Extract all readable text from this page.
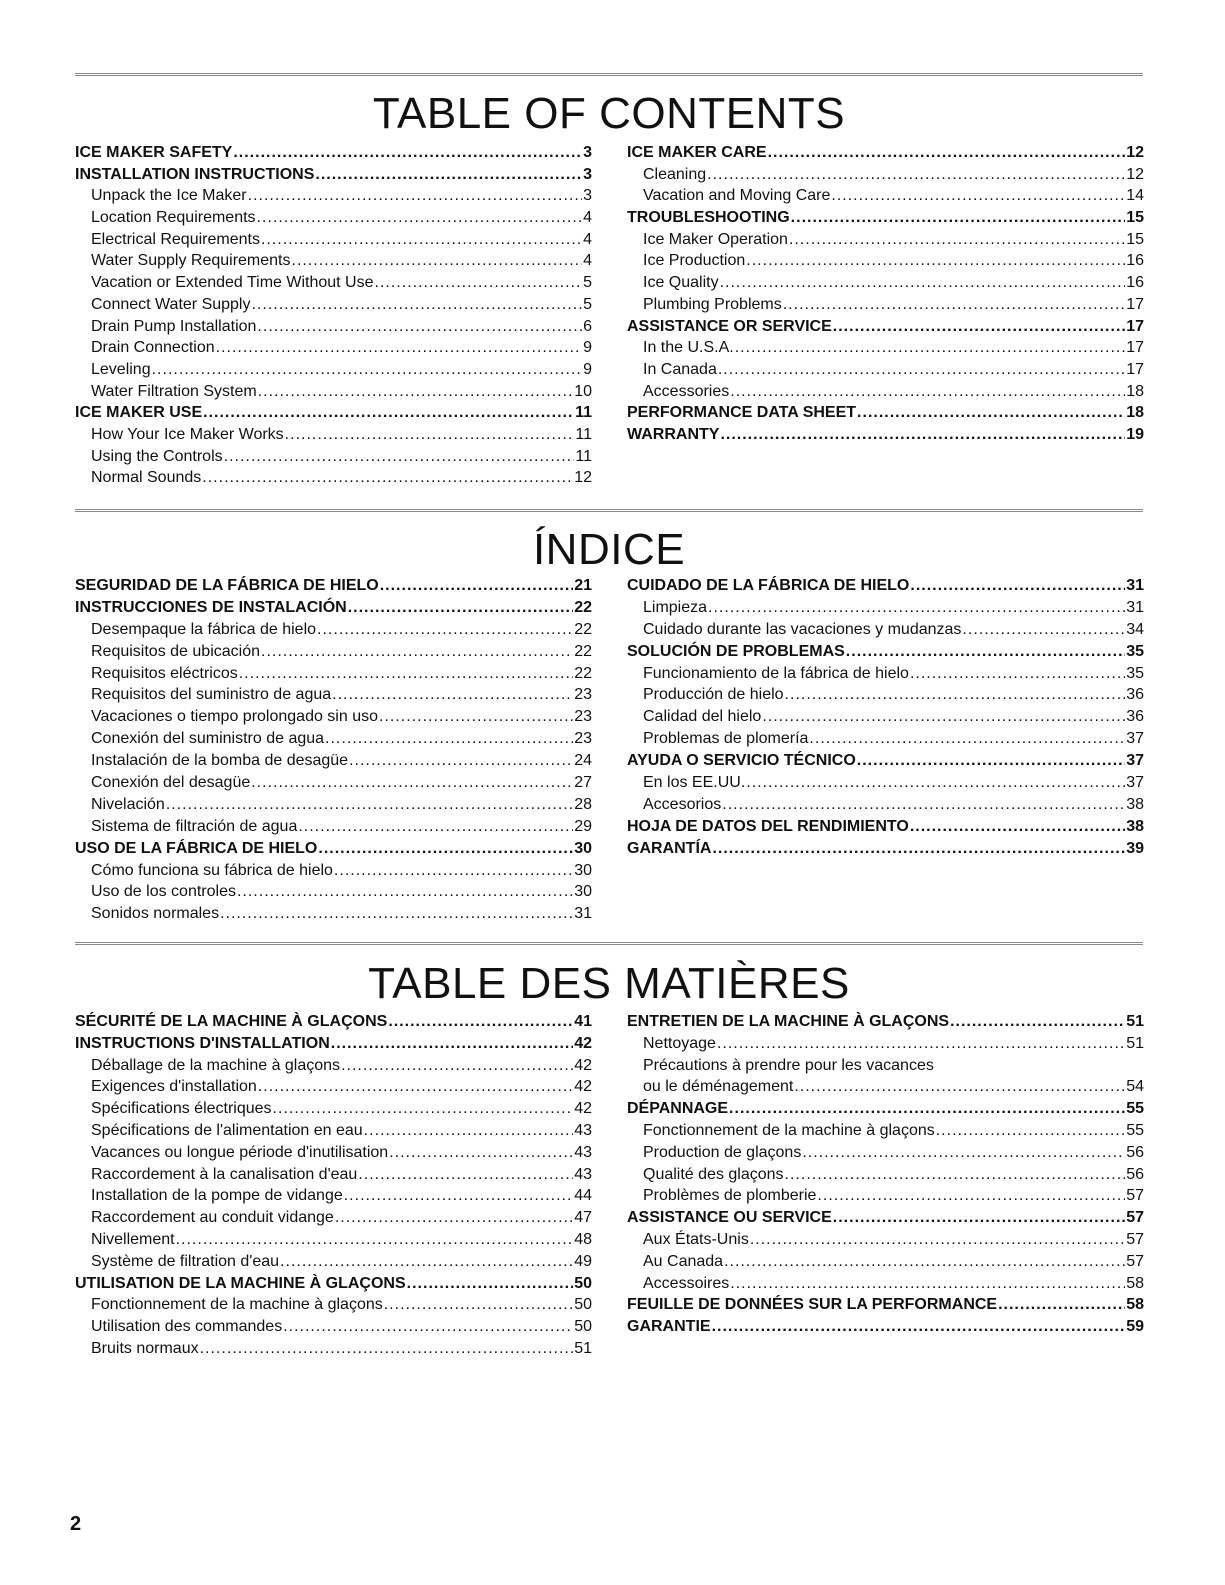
TABLE OF CONTENTS
ICE MAKER SAFETY .....	3
INSTALLATION INSTRUCTIONS .....	3
Unpack the Ice Maker .....	3
Location Requirements .....	4
Electrical Requirements .....	4
Water Supply Requirements .....	4
Vacation or Extended Time Without Use .....	5
Connect Water Supply .....	5
Drain Pump Installation .....	6
Drain Connection .....	9
Leveling .....	9
Water Filtration System .....	10
ICE MAKER USE .....	11
How Your Ice Maker Works .....	11
Using the Controls .....	11
Normal Sounds .....	12
ICE MAKER CARE .....	12
Cleaning .....	12
Vacation and Moving Care .....	14
TROUBLESHOOTING .....	15
Ice Maker Operation .....	15
Ice Production .....	16
Ice Quality .....	16
Plumbing Problems .....	17
ASSISTANCE OR SERVICE .....	17
In the U.S.A. .....	17
In Canada .....	17
Accessories .....	18
PERFORMANCE DATA SHEET .....	18
WARRANTY .....	19
ÍNDICE
SEGURIDAD DE LA FÁBRICA DE HIELO .....	21
INSTRUCCIONES DE INSTALACIÓN .....	22
Desempaque la fábrica de hielo .....	22
Requisitos de ubicación .....	22
Requisitos eléctricos .....	22
Requisitos del suministro de agua .....	23
Vacaciones o tiempo prolongado sin uso .....	23
Conexión del suministro de agua .....	23
Instalación de la bomba de desagüe .....	24
Conexión del desagüe .....	27
Nivelación .....	28
Sistema de filtración de agua .....	29
USO DE LA FÁBRICA DE HIELO .....	30
Cómo funciona su fábrica de hielo .....	30
Uso de los controles .....	30
Sonidos normales .....	31
CUIDADO DE LA FÁBRICA DE HIELO .....	31
Limpieza .....	31
Cuidado durante las vacaciones y mudanzas .....	34
SOLUCIÓN DE PROBLEMAS .....	35
Funcionamiento de la fábrica de hielo .....	35
Producción de hielo .....	36
Calidad del hielo .....	36
Problemas de plomería .....	37
AYUDA O SERVICIO TÉCNICO .....	37
En los EE.UU. .....	37
Accesorios .....	38
HOJA DE DATOS DEL RENDIMIENTO .....	38
GARANTÍA .....	39
TABLE DES MATIÈRES
SÉCURITÉ DE LA MACHINE À GLAÇONS .....	41
INSTRUCTIONS D'INSTALLATION .....	42
Déballage de la machine à glaçons .....	42
Exigences d'installation .....	42
Spécifications électriques .....	42
Spécifications de l'alimentation en eau .....	43
Vacances ou longue période d'inutilisation .....	43
Raccordement à la canalisation d'eau .....	43
Installation de la pompe de vidange .....	44
Raccordement au conduit vidange .....	47
Nivellement .....	48
Système de filtration d'eau .....	49
UTILISATION DE LA MACHINE À GLAÇONS .....	50
Fonctionnement de la machine à glaçons .....	50
Utilisation des commandes .....	50
Bruits normaux .....	51
ENTRETIEN DE LA MACHINE À GLAÇONS .....	51
Nettoyage .....	51
Précautions à prendre pour les vacances
ou le déménagement .....	54
DÉPANNAGE .....	55
Fonctionnement de la machine à glaçons .....	55
Production de glaçons .....	56
Qualité des glaçons .....	56
Problèmes de plomberie .....	57
ASSISTANCE OU SERVICE .....	57
Aux États-Unis .....	57
Au Canada .....	57
Accessoires .....	58
FEUILLE DE DONNÉES SUR LA PERFORMANCE .....	58
GARANTIE .....	59
2
